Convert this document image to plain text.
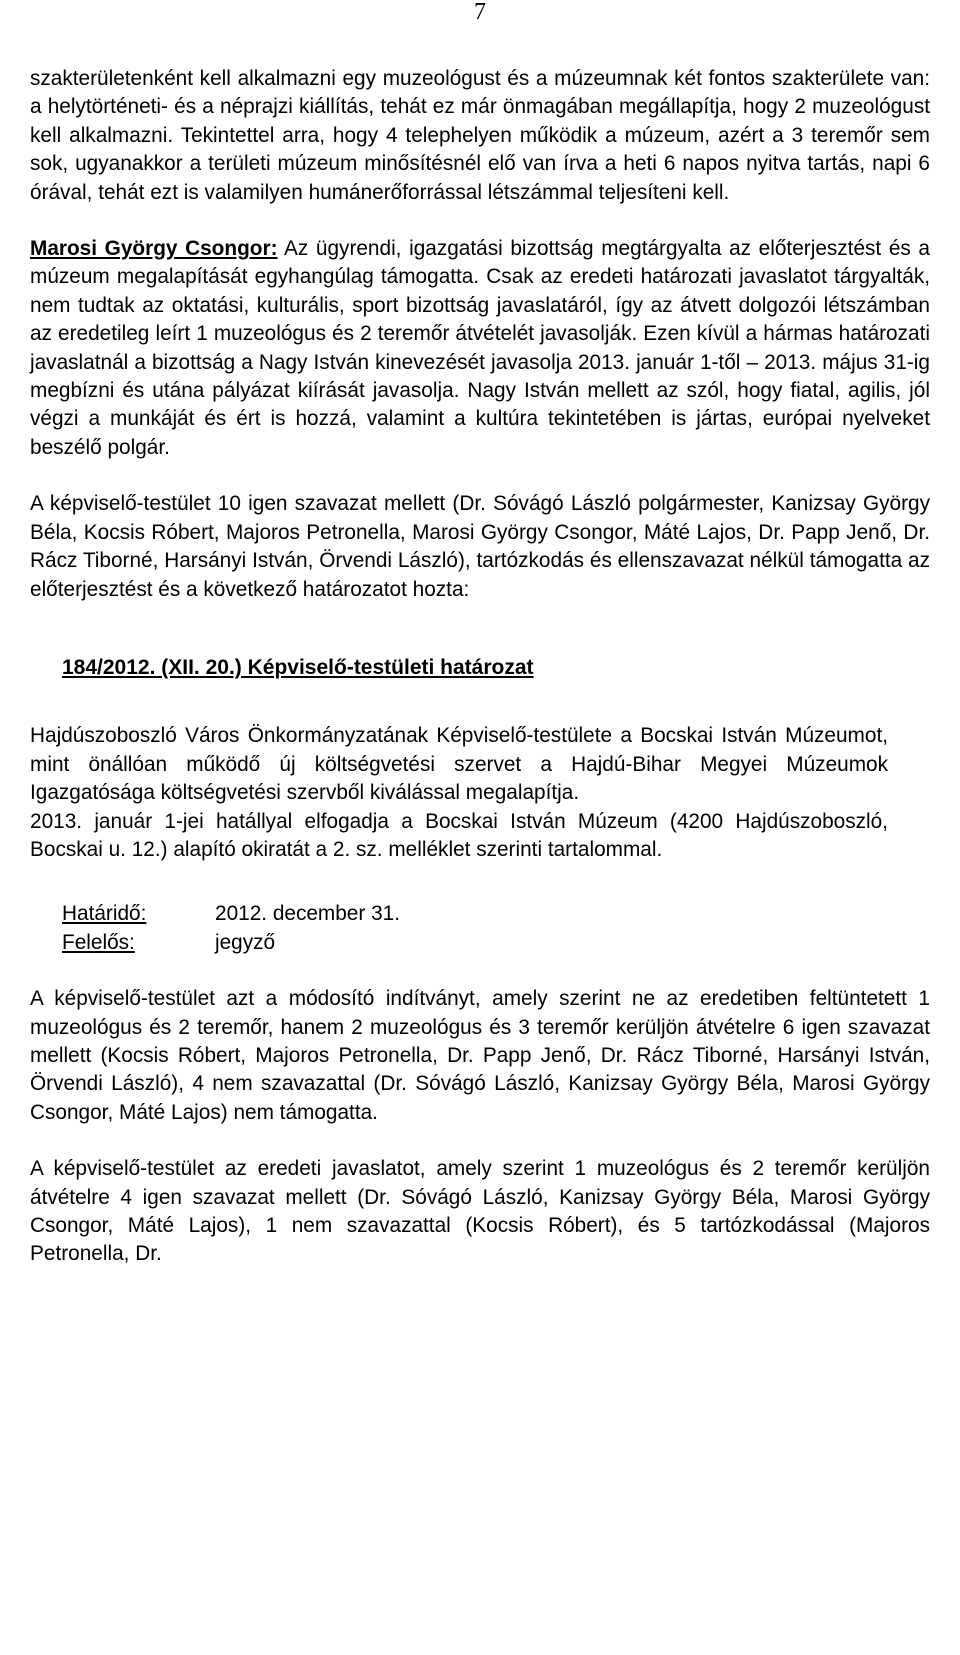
7

szakterületenként kell alkalmazni egy muzeológust és a múzeumnak két fontos szakterülete van: a helytörténeti- és a néprajzi kiállítás, tehát ez már önmagában megállapítja, hogy 2 muzeológust kell alkalmazni. Tekintettel arra, hogy 4 telephelyen működik a múzeum, azért a 3 teremőr sem sok, ugyanakkor a területi múzeum minősítésnél elő van írva a heti 6 napos nyitva tartás, napi 6 órával, tehát ezt is valamilyen humánerőforrással létszámmal teljesíteni kell.

Marosi György Csongor: Az ügyrendi, igazgatási bizottság megtárgyalta az előterjesztést és a múzeum megalapítását egyhangúlag támogatta. Csak az eredeti határozati javaslatot tárgyalták, nem tudtak az oktatási, kulturális, sport bizottság javaslatáról, így az átvett dolgozói létszámban az eredetileg leírt 1 muzeológus és 2 teremőr átvételét javasolják. Ezen kívül a hármas határozati javaslatnál a bizottság a Nagy István kinevezését javasolja 2013. január 1-től – 2013. május 31-ig megbízni és utána pályázat kiírását javasolja. Nagy István mellett az szól, hogy fiatal, agilis, jól végzi a munkáját és ért is hozzá, valamint a kultúra tekintetében is jártas, európai nyelveket beszélő polgár.

A képviselő-testület 10 igen szavazat mellett (Dr. Sóvágó László polgármester, Kanizsay György Béla, Kocsis Róbert, Majoros Petronella, Marosi György Csongor, Máté Lajos, Dr. Papp Jenő, Dr. Rácz Tiborné, Harsányi István, Örvendi László), tartózkodás és ellenszavazat nélkül támogatta az előterjesztést és a következő határozatot hozta:

184/2012. (XII. 20.) Képviselő-testületi határozat

Hajdúszoboszló Város Önkormányzatának Képviselő-testülete a Bocskai István Múzeumot, mint önállóan működő új költségvetési szervet a Hajdú-Bihar Megyei Múzeumok Igazgatósága költségvetési szervből kiválással megalapítja.

2013. január 1-jei hatállyal elfogadja a Bocskai István Múzeum (4200 Hajdúszoboszló, Bocskai u. 12.) alapító okiratát a 2. sz. melléklet szerinti tartalommal.

Határidő:	2012. december 31.
Felelős:	jegyző

A képviselő-testület azt a módosító indítványt, amely szerint ne az eredetiben feltüntetett 1 muzeológus és 2 teremőr, hanem 2 muzeológus és 3 teremőr kerüljön átvételre 6 igen szavazat mellett (Kocsis Róbert, Majoros Petronella, Dr. Papp Jenő, Dr. Rácz Tiborné, Harsányi István, Örvendi László), 4 nem szavazattal (Dr. Sóvágó László, Kanizsay György Béla, Marosi György Csongor, Máté Lajos) nem támogatta.

A képviselő-testület az eredeti javaslatot, amely szerint 1 muzeológus és 2 teremőr kerüljön átvételre 4 igen szavazat mellett (Dr. Sóvágó László, Kanizsay György Béla, Marosi György Csongor, Máté Lajos), 1 nem szavazattal (Kocsis Róbert), és 5 tartózkodással (Majoros Petronella, Dr.
